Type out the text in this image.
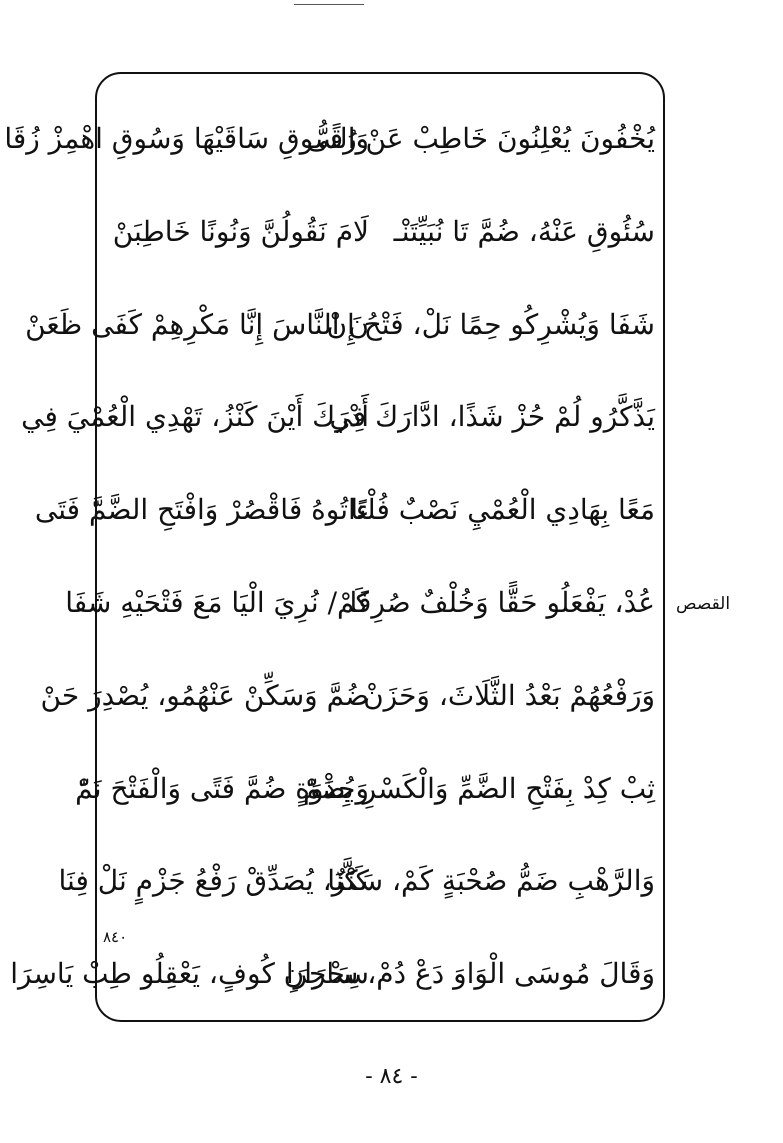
يُخْفُونَ يُعْلِنُونَ خَاطِبْ عَنْ رُقًى
وَالسُّوقِ سَاقَيْهَا وَسُوقِ اهْمِزْ زُقَا
سُئُوقِ عَنْهُ، ضُمَّ تَا نُبَيِّتَنْـ
لَامَ نَقُولُنَّ وَنُونًا خَاطِبَنْ
شَفَا وَيُشْرِكُو حِمًا نَلْ، فَتْحُ إِنْ
نَ النَّاسَ إِنَّا مَكْرِهِمْ كَفَى ظَعَنْ
يَذَّكَّرُو لُمْ حُزْ شَذًا، ادَّارَكَ فِي
أَدْرَكَ أَيْنَ كَنْزُ، تَهْدِي الْعُمْيَ فِي
مَعًا بِهَادِي الْعُمْيِ نَصْبٌ فُلْتَا
ءَاتُوهُ فَاقْصُرْ وَافْتَحِ الضَّمَّ فَتَى
عُدْ، يَفْعَلُو حَقًّا وَخُلْفٌ صُرِفَا
كَمْ/ نُرِيَ الْيَا مَعَ فَتْحَيْهِ شَفَا
وَرَفْعُهُمْ بَعْدُ الثَّلَاثَ، وَحَزَنْ
ضُمَّ وَسَكِّنْ عَنْهُمُو، يُصْدِرَ حَنْ
ثِبْ كِدْ بِفَتْحِ الضَّمِّ وَالْكَسْرِ يُضَمّْ
وَجِذْوَةٍ ضُمَّ فَتًى وَالْفَتْحَ نَمّْ
وَالرَّهْبِ ضَمُّ صُحْبَةٍ كَمْ، سَكَّنَا
كَنْزٌ، يُصَدِّقْ رَفْعُ جَزْمٍ نَلْ فِنَا
وَقَالَ مُوسَى الْوَاوَ دَعْ دُمْ، سَاحِرَا
سِحْرَانِ كُوفٍ، يَعْقِلُو طِبْ يَاسِرَا
٨٤٠
القصص
- ٨٤ -
